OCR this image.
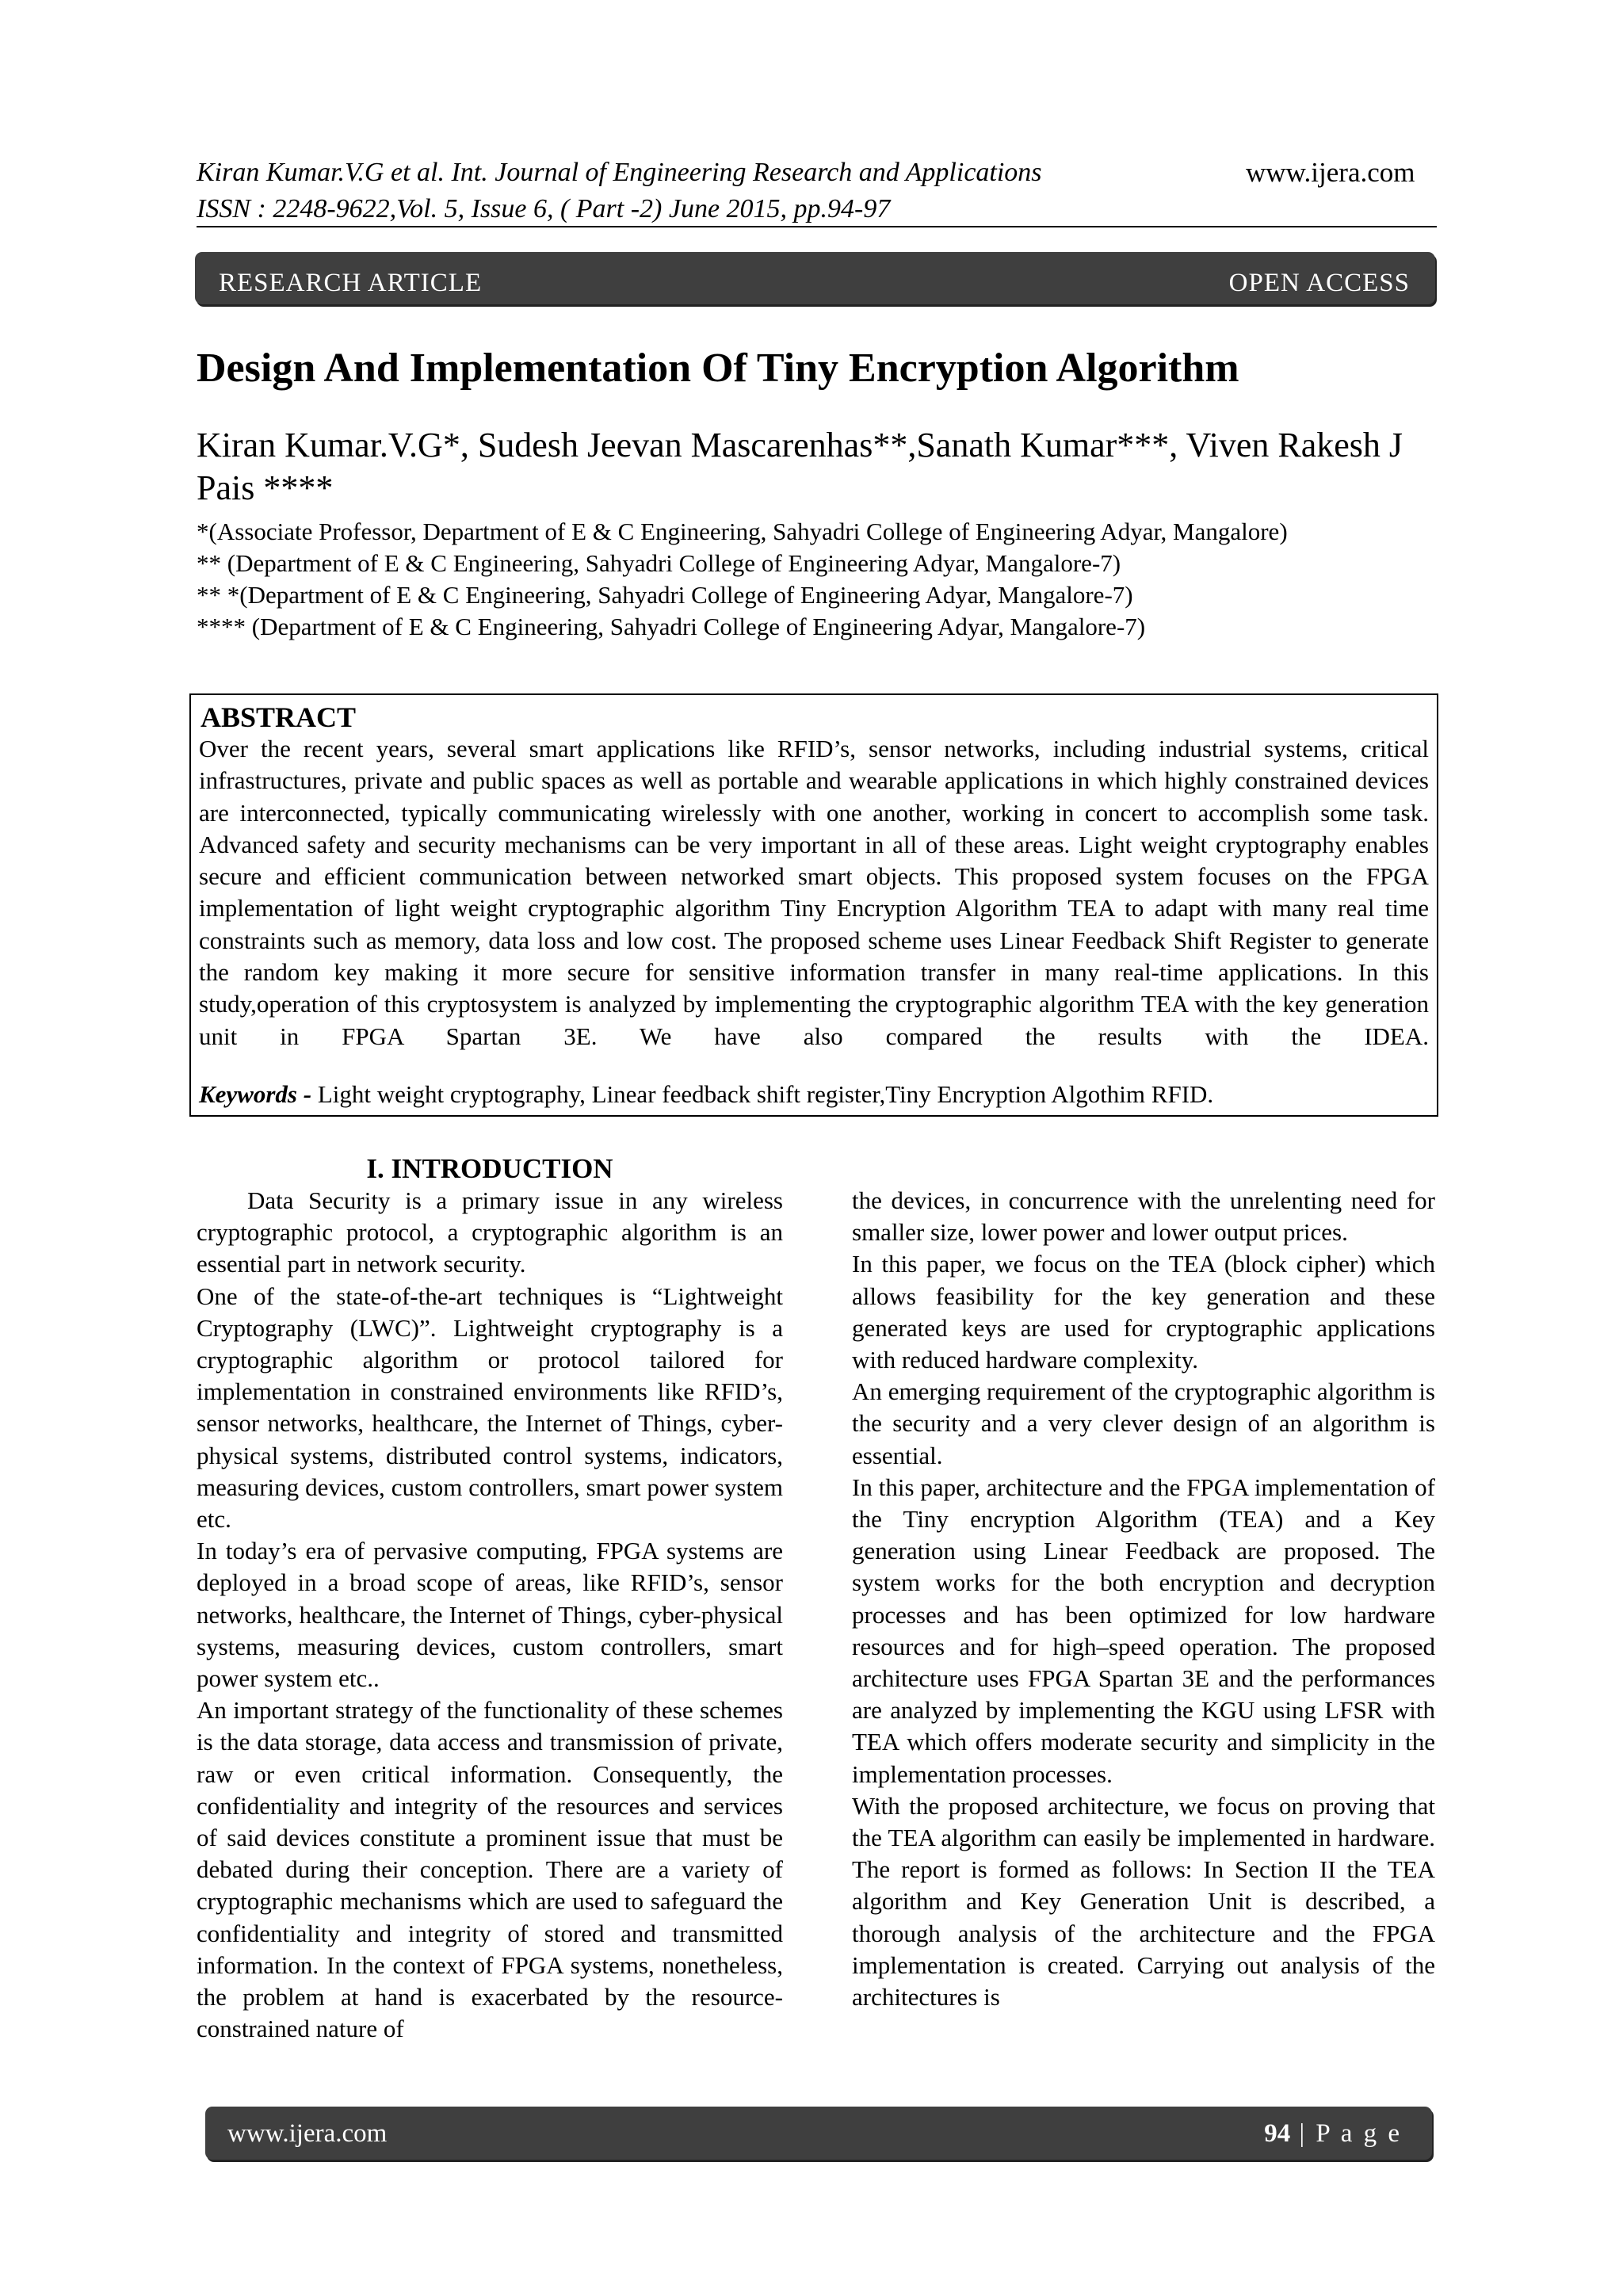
Kiran Kumar.V.G et al. Int. Journal of Engineering Research and Applications	www.ijera.com
ISSN : 2248-9622,Vol. 5, Issue 6, ( Part -2) June 2015, pp.94-97
RESEARCH ARTICLE	OPEN ACCESS
Design And Implementation Of Tiny Encryption Algorithm
Kiran Kumar.V.G*, Sudesh Jeevan Mascarenhas**,Sanath Kumar***, Viven Rakesh J Pais ****
*(Associate Professor, Department of E & C Engineering, Sahyadri College of Engineering Adyar, Mangalore)
** (Department of E & C Engineering, Sahyadri College of Engineering Adyar, Mangalore-7)
** *(Department of E & C Engineering, Sahyadri College of Engineering Adyar, Mangalore-7)
**** (Department of E & C Engineering, Sahyadri College of Engineering Adyar, Mangalore-7)
ABSTRACT
Over the recent years, several smart applications like RFID’s, sensor networks, including industrial systems, critical infrastructures, private and public spaces as well as portable and wearable applications in which highly constrained devices are interconnected, typically communicating wirelessly with one another, working in concert to accomplish some task. Advanced safety and security mechanisms can be very important in all of these areas. Light weight cryptography enables secure and efficient communication between networked smart objects. This proposed system focuses on the FPGA implementation of light weight cryptographic algorithm Tiny Encryption Algorithm TEA to adapt with many real time constraints such as memory, data loss and low cost. The proposed scheme uses Linear Feedback Shift Register to generate the random key making it more secure for sensitive information transfer in many real-time applications. In this study,operation of this cryptosystem is analyzed by implementing the cryptographic algorithm TEA with the key generation unit in FPGA Spartan 3E. We have also compared the results with the IDEA.
Keywords - Light weight cryptography, Linear feedback shift register,Tiny Encryption Algothim RFID.
I. INTRODUCTION

Data Security is a primary issue in any wireless cryptographic protocol, a cryptographic algorithm is an essential part in network security.

One of the state-of-the-art techniques is “Lightweight Cryptography (LWC)”. Lightweight cryptography is a cryptographic algorithm or protocol tailored for implementation in constrained environments like RFID’s, sensor networks, healthcare, the Internet of Things, cyber-physical systems, distributed control systems, indicators, measuring devices, custom controllers, smart power system etc.

In today’s era of pervasive computing, FPGA systems are deployed in a broad scope of areas, like RFID’s, sensor networks, healthcare, the Internet of Things, cyber-physical systems, measuring devices, custom controllers, smart power system etc..

An important strategy of the functionality of these schemes is the data storage, data access and transmission of private, raw or even critical information. Consequently, the confidentiality and integrity of the resources and services of said devices constitute a prominent issue that must be debated during their conception. There are a variety of cryptographic mechanisms which are used to safeguard the confidentiality and integrity of stored and transmitted information. In the context of FPGA systems, nonetheless, the problem at hand is exacerbated by the resource-constrained nature of

the devices, in concurrence with the unrelenting need for smaller size, lower power and lower output prices.

In this paper, we focus on the TEA (block cipher) which allows feasibility for the key generation and these generated keys are used for cryptographic applications with reduced hardware complexity.

An emerging requirement of the cryptographic algorithm is the security and a very clever design of an algorithm is essential.

In this paper, architecture and the FPGA implementation of the Tiny encryption Algorithm (TEA) and a Key generation using Linear Feedback are proposed. The system works for the both encryption and decryption processes and has been optimized for low hardware resources and for high–speed operation. The proposed architecture uses FPGA Spartan 3E and the performances are analyzed by implementing the KGU using LFSR with TEA which offers moderate security and simplicity in the implementation processes.

With the proposed architecture, we focus on proving that the TEA algorithm can easily be implemented in hardware. The report is formed as follows: In Section II the TEA algorithm and Key Generation Unit is described, a thorough analysis of the architecture and the FPGA implementation is created. Carrying out analysis of the architectures is

www.ijera.com	94 | P a g e
